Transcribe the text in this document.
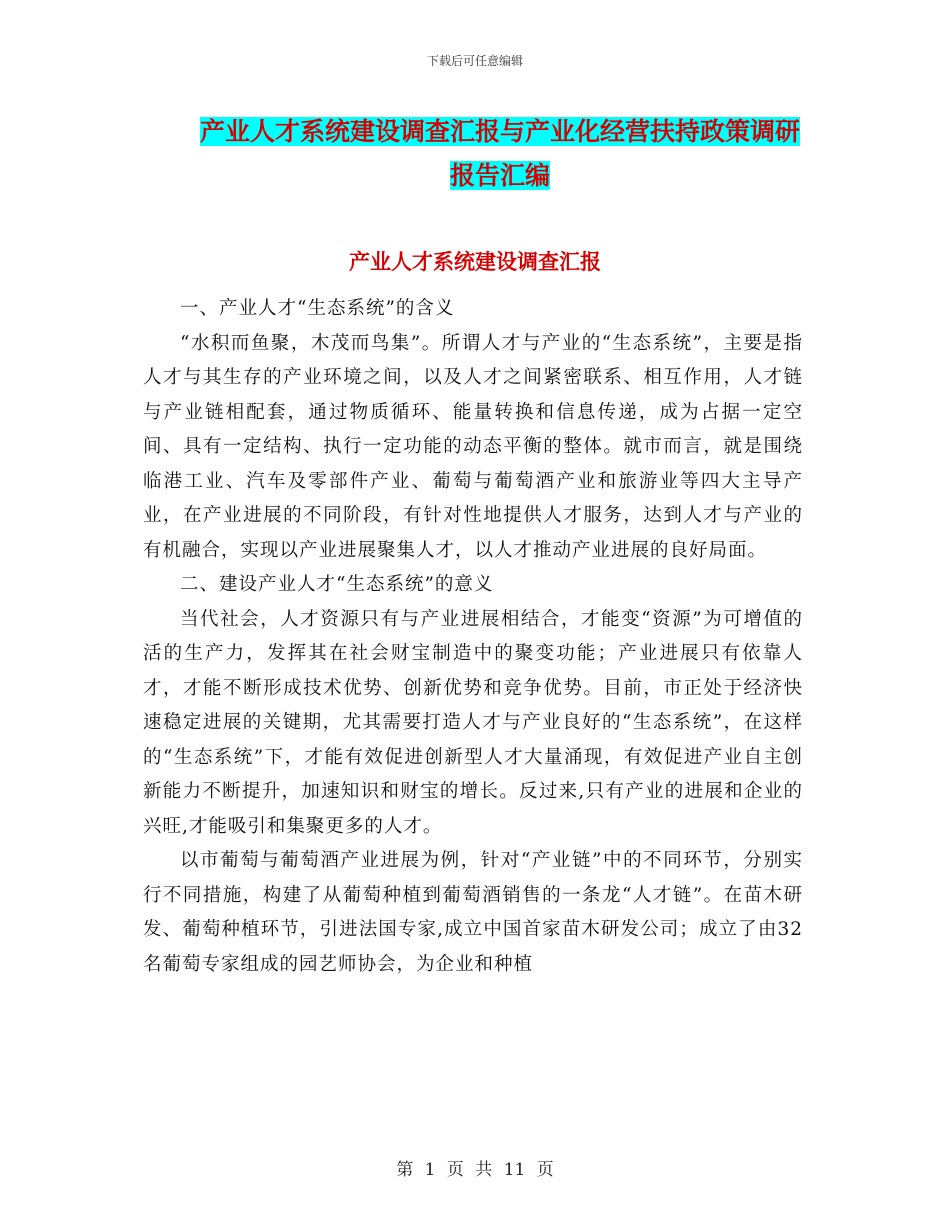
下载后可任意编辑
产业人才系统建设调查汇报与产业化经营扶持政策调研报告汇编
产业人才系统建设调查汇报

一、产业人才“生态系统”的含义

“水积而鱼聚，木茂而鸟集”。所谓人才与产业的“生态系统”，主要是指人才与其生存的产业环境之间，以及人才之间紧密联系、相互作用，人才链与产业链相配套，通过物质循环、能量转换和信息传递，成为占据一定空间、具有一定结构、执行一定功能的动态平衡的整体。就市而言，就是围绕临港工业、汽车及零部件产业、葡萄与葡萄酒产业和旅游业等四大主导产业，在产业进展的不同阶段，有针对性地提供人才服务，达到人才与产业的有机融合，实现以产业进展聚集人才，以人才推动产业进展的良好局面。

二、建设产业人才“生态系统”的意义

当代社会，人才资源只有与产业进展相结合，才能变“资源”为可增值的活的生产力，发挥其在社会财宝制造中的聚变功能；产业进展只有依靠人才，才能不断形成技术优势、创新优势和竞争优势。目前，市正处于经济快速稳定进展的关键期，尤其需要打造人才与产业良好的“生态系统”，在这样的“生态系统”下，才能有效促进创新型人才大量涌现，有效促进产业自主创新能力不断提升，加速知识和财宝的增长。反过来,只有产业的进展和企业的兴旺,才能吸引和集聚更多的人才。

以市葡萄与葡萄酒产业进展为例，针对“产业链”中的不同环节，分别实行不同措施，构建了从葡萄种植到葡萄酒销售的一条龙“人才链”。在苗木研发、葡萄种植环节，引进法国专家,成立中国首家苗木研发公司；成立了由32名葡萄专家组成的园艺师协会，为企业和种植

第 1 页 共 11 页
